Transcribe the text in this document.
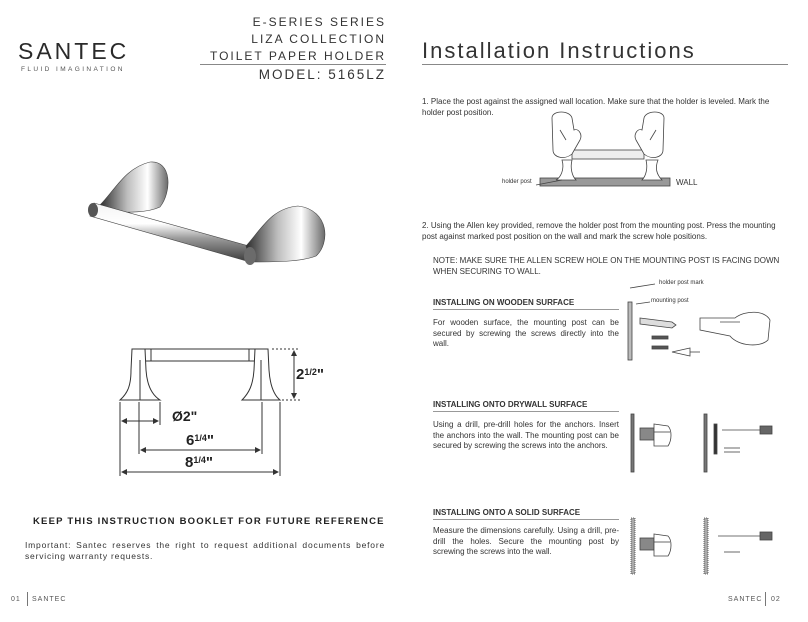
SANTEC
FLUID IMAGINATION
E-SERIES SERIES
LIZA COLLECTION
TOILET PAPER HOLDER
MODEL: 5165LZ
$2^{1/2}$"
Ø2"
$6^{1/4}$"
$8^{1/4}$"
KEEP THIS INSTRUCTION BOOKLET FOR FUTURE REFERENCE
Important: Santec reserves the right to request additional documents before servicing warranty requests.
01 SANTEC
Installation Instructions
1. Place the post against the assigned wall location. Make sure that the holder is leveled. Mark the holder post position.
holder post	WALL
2. Using the Allen key provided, remove the holder post from the mounting post. Press the mounting post against marked post position on the wall and mark the screw hole positions.
NOTE: MAKE SURE THE ALLEN SCREW HOLE ON THE MOUNTING POST IS FACING DOWN WHEN SECURING TO WALL.
INSTALLING ON WOODEN SURFACE
For wooden surface, the mounting post can be secured by screwing the screws directly into the wall.
holder post mark
mounting post
INSTALLING ONTO DRYWALL SURFACE
Using a drill, pre-drill holes for the anchors. Insert the anchors into the wall. The mounting post can be secured by screwing the screws into the anchors.
INSTALLING ONTO A SOLID SURFACE
Measure the dimensions carefully. Using a drill, pre-drill the holes. Secure the mounting post by screwing the screws into the wall.
SANTEC 02
